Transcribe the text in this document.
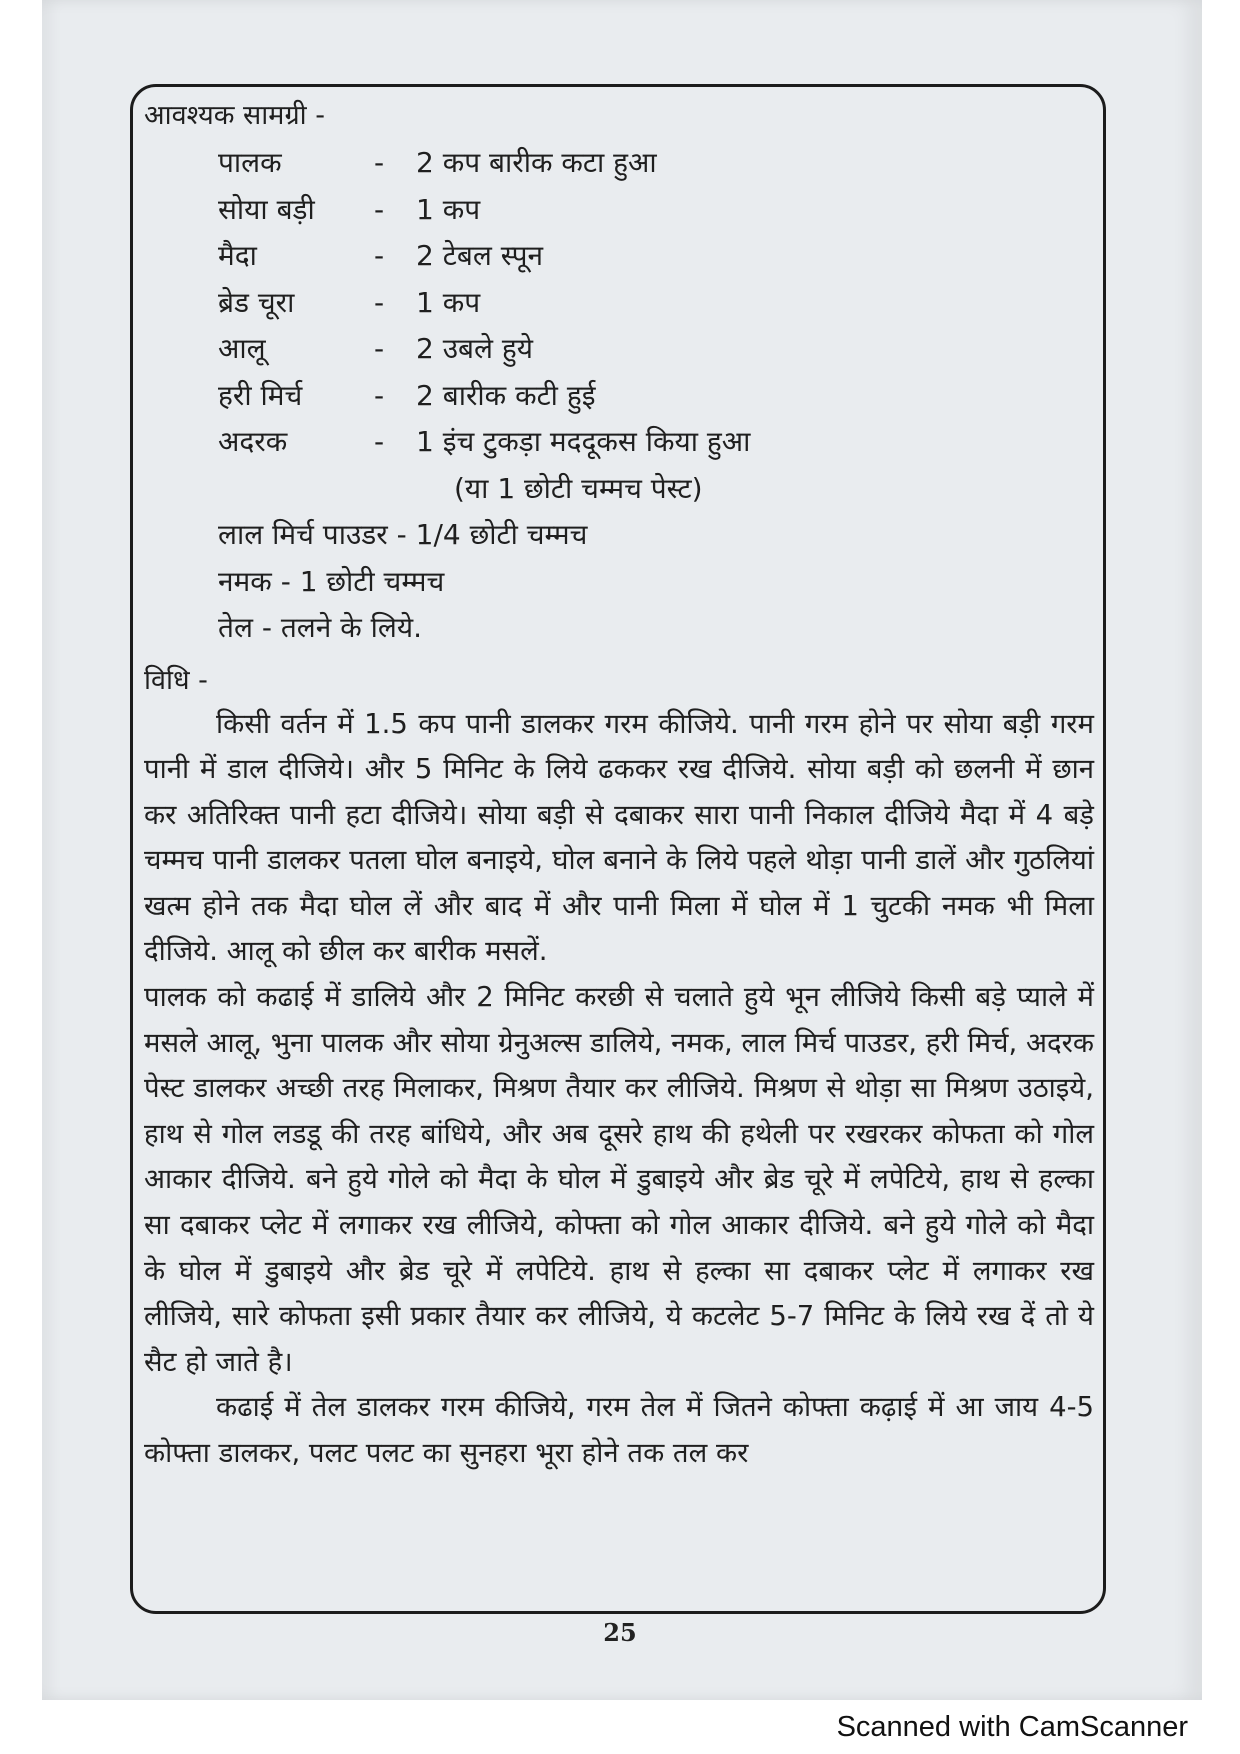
आवश्यक सामग्री -

पालक	-	2 कप बारीक कटा हुआ
सोया बड़ी	-	1 कप
मैदा	-	2 टेबल स्पून
ब्रेड चूरा	-	1 कप
आलू	-	2 उबले हुये
हरी मिर्च	-	2 बारीक कटी हुई
अदरक	-	1 इंच टुकड़ा मददूकस किया हुआ
(या 1 छोटी चम्मच पेस्ट)
लाल मिर्च पाउडर - 1/4 छोटी चम्मच
नमक - 1 छोटी चम्मच
तेल - तलने के लिये.

विधि -

किसी वर्तन में 1.5 कप पानी डालकर गरम कीजिये. पानी गरम होने पर सोया बड़ी गरम पानी में डाल दीजिये। और 5 मिनिट के लिये ढककर रख दीजिये. सोया बड़ी को छलनी में छान कर अतिरिक्त पानी हटा दीजिये। सोया बड़ी से दबाकर सारा पानी निकाल दीजिये मैदा में 4 बड़े चम्मच पानी डालकर पतला घोल बनाइये, घोल बनाने के लिये पहले थोड़ा पानी डालें और गुठलियां खत्म होने तक मैदा घोल लें और बाद में और पानी मिला में घोल में 1 चुटकी नमक भी मिला दीजिये. आलू को छील कर बारीक मसलें.

पालक को कढाई में डालिये और 2 मिनिट करछी से चलाते हुये भून लीजिये किसी बड़े प्याले में मसले आलू, भुना पालक और सोया ग्रेनुअल्स डालिये, नमक, लाल मिर्च पाउडर, हरी मिर्च, अदरक पेस्ट डालकर अच्छी तरह मिलाकर, मिश्रण तैयार कर लीजिये. मिश्रण से थोड़ा सा मिश्रण उठाइये, हाथ से गोल लडडू की तरह बांधिये, और अब दूसरे हाथ की हथेली पर रखरकर कोफता को गोल आकार दीजिये. बने हुये गोले को मैदा के घोल में डुबाइये और ब्रेड चूरे में लपेटिये, हाथ से हल्का सा दबाकर प्लेट में लगाकर रख लीजिये, कोफ्ता को गोल आकार दीजिये. बने हुये गोले को मैदा के घोल में डुबाइये और ब्रेड चूरे में लपेटिये. हाथ से हल्का सा दबाकर प्लेट में लगाकर रख लीजिये, सारे कोफता इसी प्रकार तैयार कर लीजिये, ये कटलेट 5-7 मिनिट के लिये रख दें तो ये सैट हो जाते है।

कढाई में तेल डालकर गरम कीजिये, गरम तेल में जितने कोफ्ता कढ़ाई में आ जाय 4-5 कोफ्ता डालकर, पलट पलट का सुनहरा भूरा होने तक तल कर

25
Scanned with CamScanner
